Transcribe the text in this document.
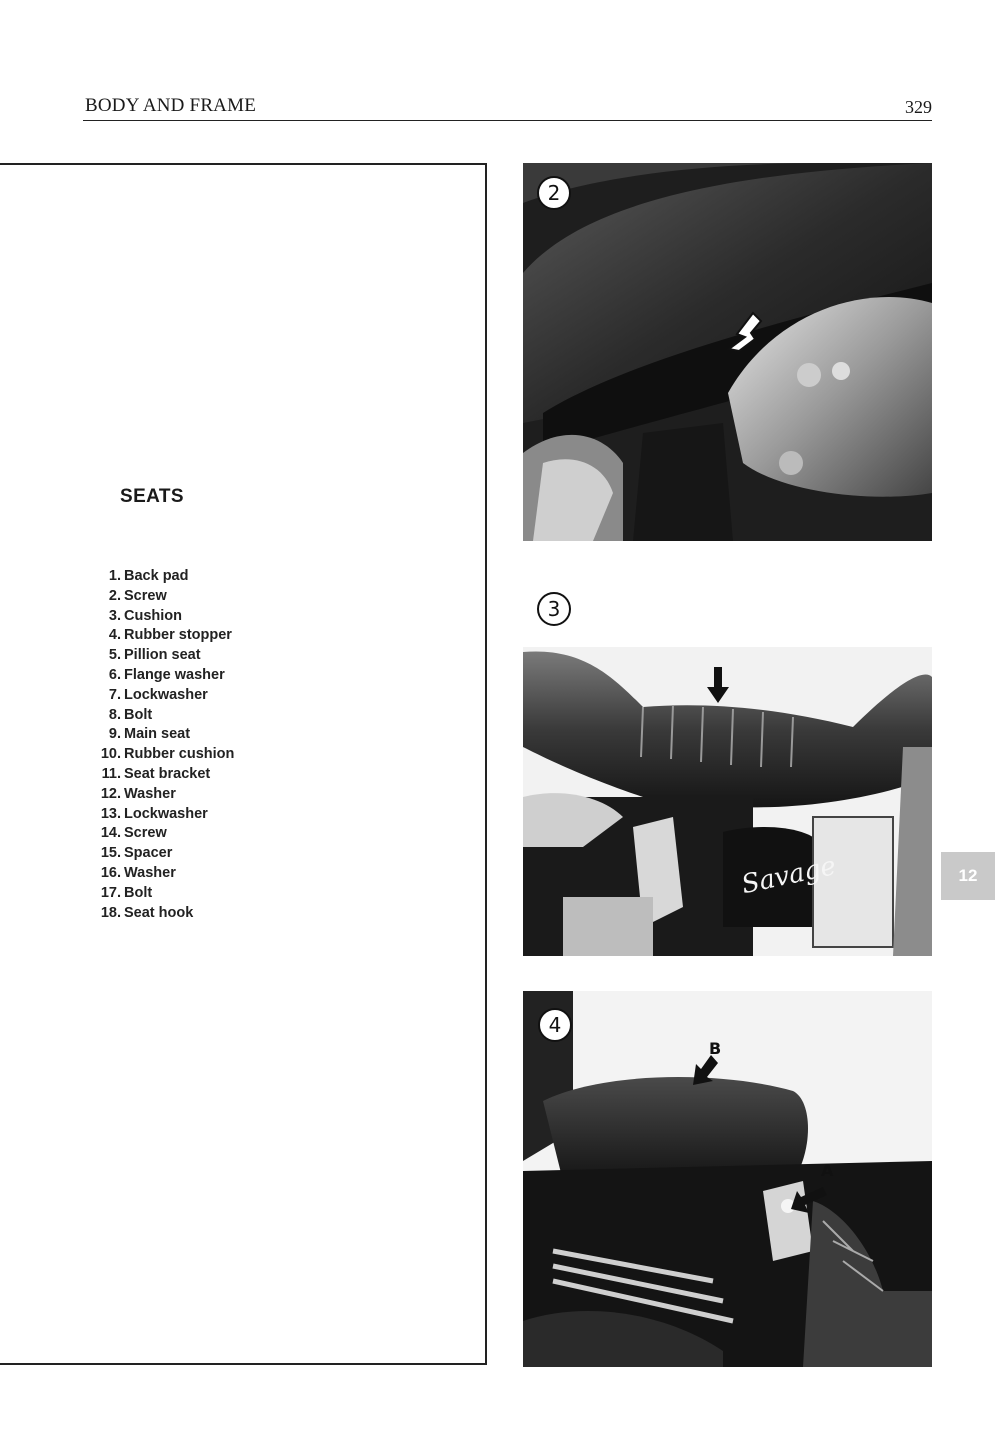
BODY AND FRAME	329
SEATS
1. Back pad
2. Screw
3. Cushion
4. Rubber stopper
5. Pillion seat
6. Flange washer
7. Lockwasher
8. Bolt
9. Main seat
10. Rubber cushion
11. Seat bracket
12. Washer
13. Lockwasher
14. Screw
15. Spacer
16. Washer
17. Bolt
18. Seat hook
2
Savage
3
4
B
A
12
